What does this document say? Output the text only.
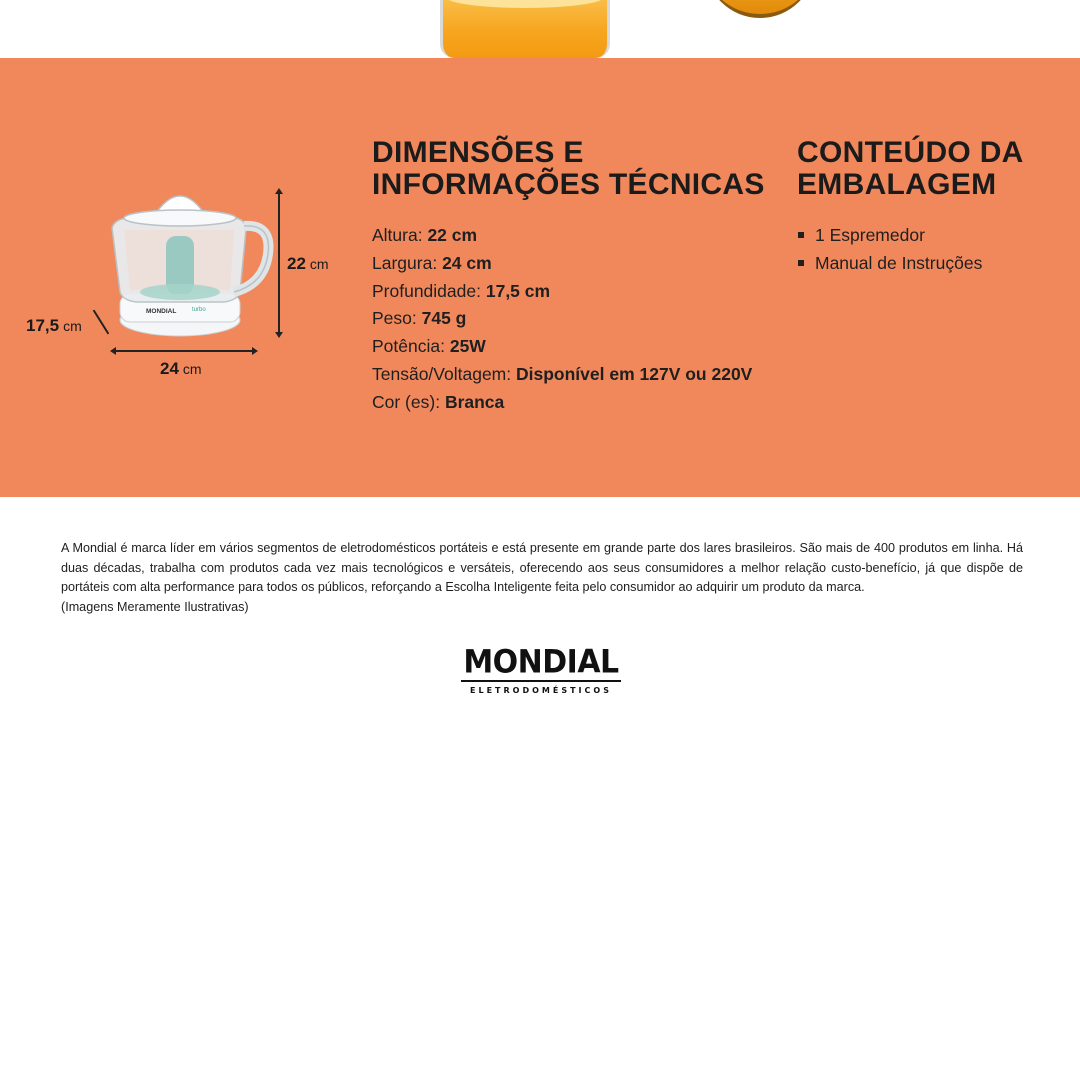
MONDIAL	turbo
22 cm
17,5 cm
24 cm
DIMENSÕES E
INFORMAÇÕES TÉCNICAS
Altura: 22 cm
Largura: 24 cm
Profundidade: 17,5 cm
Peso: 745 g
Potência: 25W
Tensão/Voltagem: Disponível em 127V ou 220V
Cor (es): Branca
CONTEÚDO DA
EMBALAGEM
1 Espremedor
Manual de Instruções

A Mondial é marca líder em vários segmentos de eletrodomésticos portáteis e está presente em grande parte dos lares brasileiros. São mais de 400 produtos em linha. Há duas décadas, trabalha com produtos cada vez mais tecnológicos e versáteis, oferecendo aos seus consumidores a melhor relação custo-benefício, já que dispõe de portáteis com alta performance para todos os públicos, reforçando a Escolha Inteligente feita pelo consumidor ao adquirir um produto da marca.

(Imagens Meramente Ilustrativas)

MONDIAL
ELETRODOMÉSTICOS
